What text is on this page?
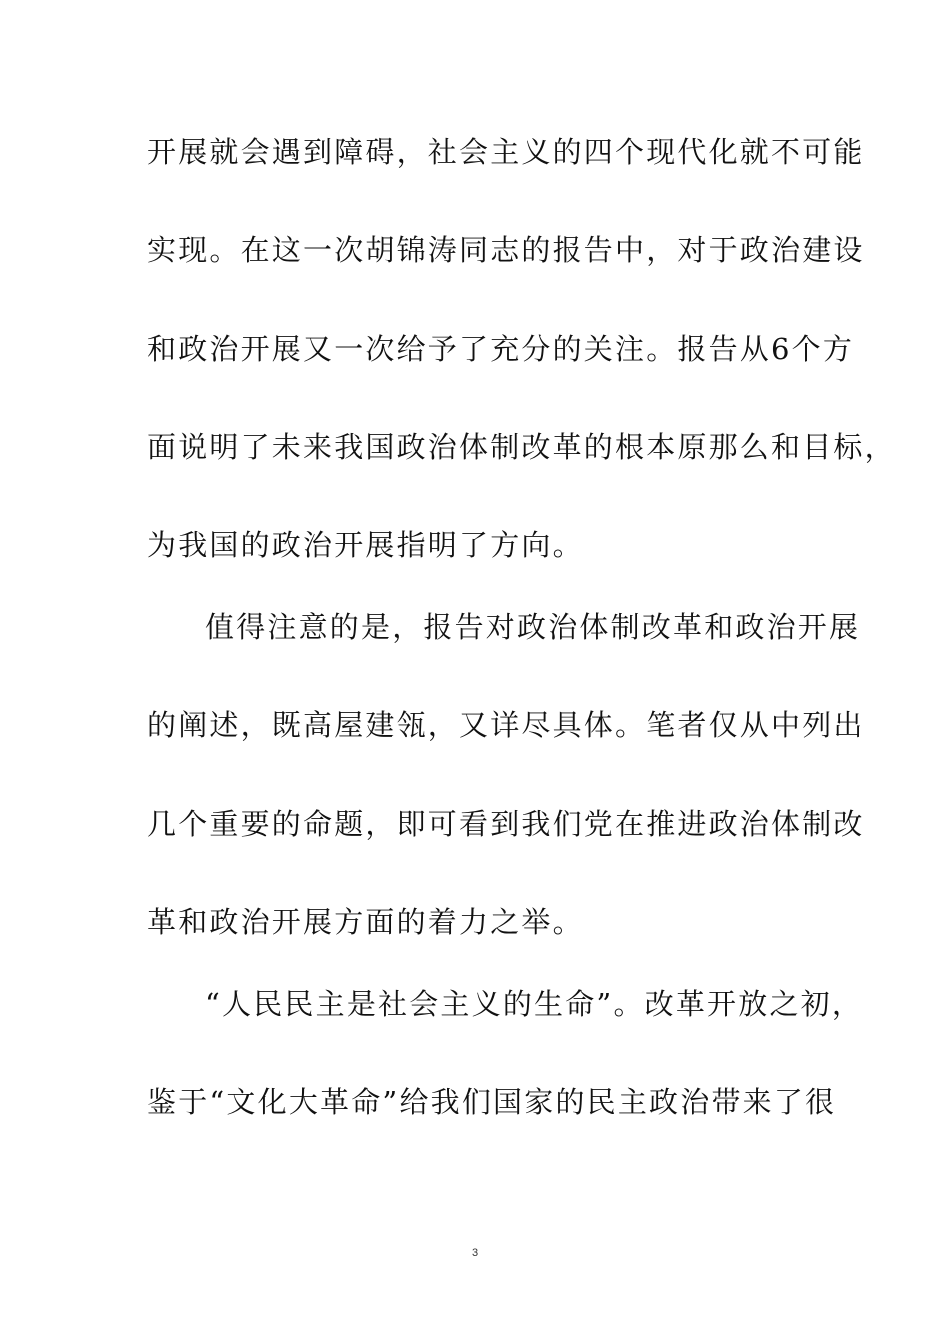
开展就会遇到障碍，社会主义的四个现代化就不可能
实现。在这一次胡锦涛同志的报告中，对于政治建设
和政治开展又一次给予了充分的关注。报告从6个方
面说明了未来我国政治体制改革的根本原那么和目标，
为我国的政治开展指明了方向。
值得注意的是，报告对政治体制改革和政治开展
的阐述，既高屋建瓴，又详尽具体。笔者仅从中列出
几个重要的命题，即可看到我们党在推进政治体制改
革和政治开展方面的着力之举。
“人民民主是社会主义的生命”。改革开放之初，
鉴于“文化大革命”给我们国家的民主政治带来了很
3
